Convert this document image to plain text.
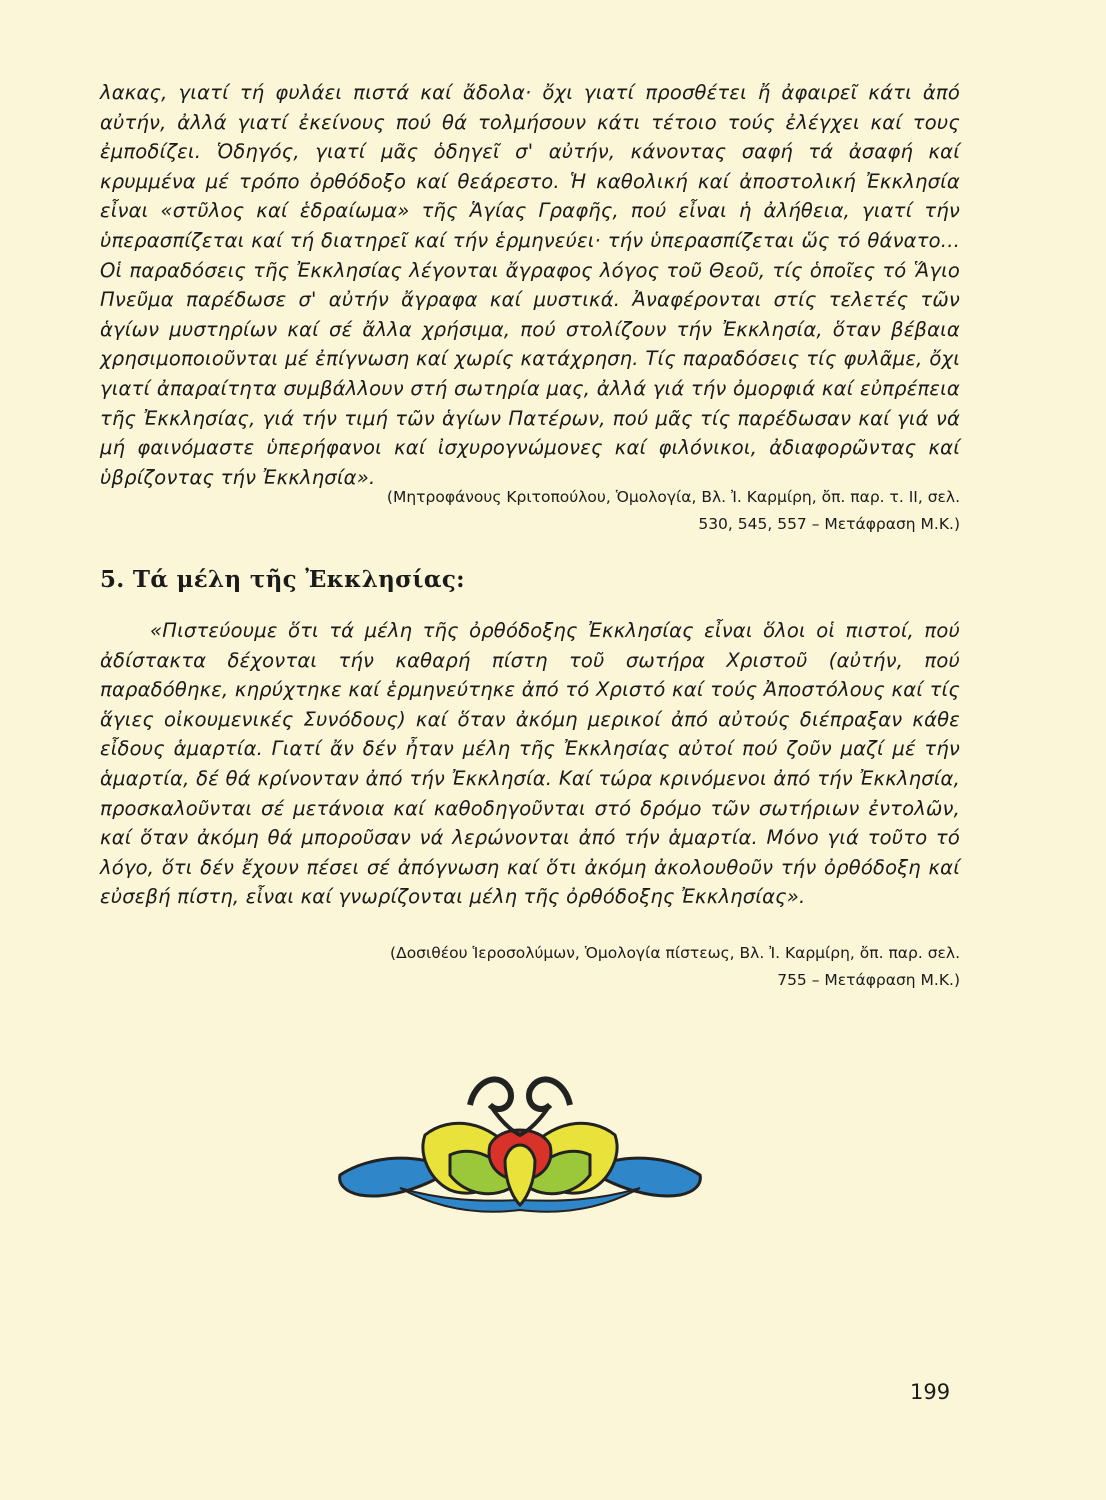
λακας, γιατί τή φυλάει πιστά καί ἄδολα· ὄχι γιατί προσθέτει ἤ ἀφαιρεῖ κάτι ἀπό αὐτήν, ἀλλά γιατί ἐκείνους πού θά τολμήσουν κάτι τέτοιο τούς ἐλέγχει καί τους ἐμποδίζει. Ὁδηγός, γιατί μᾶς ὁδηγεῖ σ' αὐτήν, κάνοντας σαφή τά ἀσαφή καί κρυμμένα μέ τρόπο ὀρθόδοξο καί θεάρεστο. Ἡ καθολική καί ἀποστολική Ἐκκλησία εἶναι «στῦλος καί ἑδραίωμα» τῆς Ἁγίας Γραφῆς, πού εἶναι ἡ ἀλήθεια, γιατί τήν ὑπερασπίζεται καί τή διατηρεῖ καί τήν ἑρμηνεύει· τήν ὑπερασπίζεται ὥς τό θάνατο... Οἱ παραδόσεις τῆς Ἐκκλησίας λέγονται ἄγραφος λόγος τοῦ Θεοῦ, τίς ὁποῖες τό Ἅγιο Πνεῦμα παρέδωσε σ' αὐτήν ἄγραφα καί μυστικά. Ἀναφέρονται στίς τελετές τῶν ἁγίων μυστηρίων καί σέ ἄλλα χρήσιμα, πού στολίζουν τήν Ἐκκλησία, ὅταν βέβαια χρησιμοποιοῦνται μέ ἐπίγνωση καί χωρίς κατάχρηση. Τίς παραδόσεις τίς φυλᾶμε, ὄχι γιατί ἀπαραίτητα συμβάλλουν στή σωτηρία μας, ἀλλά γιά τήν ὀμορφιά καί εὐπρέπεια τῆς Ἐκκλησίας, γιά τήν τιμή τῶν ἁγίων Πατέρων, πού μᾶς τίς παρέδωσαν καί γιά νά μή φαινόμαστε ὑπερήφανοι καί ἰσχυρογνώμονες καί φιλόνικοι, ἀδιαφορῶντας καί ὑβρίζοντας τήν Ἐκκλησία».

(Μητροφάνους Κριτοπούλου, Ὁμολογία, Βλ. Ἰ. Καρμίρη, ὄπ. παρ. τ. ΙΙ, σελ.

530, 545, 557 – Μετάφραση Μ.Κ.)

5. Τά μέλη τῆς Ἐκκλησίας:

«Πιστεύουμε ὅτι τά μέλη τῆς ὀρθόδοξης Ἐκκλησίας εἶναι ὅλοι οἱ πιστοί, πού ἀδίστακτα δέχονται τήν καθαρή πίστη τοῦ σωτήρα Χριστοῦ (αὐτήν, πού παραδόθηκε, κηρύχτηκε καί ἑρμηνεύτηκε ἀπό τό Χριστό καί τούς Ἀποστόλους καί τίς ἅγιες οἰκουμενικές Συνόδους) καί ὅταν ἀκόμη μερικοί ἀπό αὐτούς διέπραξαν κάθε εἶδους ἁμαρτία. Γιατί ἄν δέν ἦταν μέλη τῆς Ἐκκλησίας αὐτοί πού ζοῦν μαζί μέ τήν ἁμαρτία, δέ θά κρίνονταν ἀπό τήν Ἐκκλησία. Καί τώρα κρινόμενοι ἀπό τήν Ἐκκλησία, προσκαλοῦνται σέ μετάνοια καί καθοδηγοῦνται στό δρόμο τῶν σωτήριων ἐντολῶν, καί ὅταν ἀκόμη θά μποροῦσαν νά λερώνονται ἀπό τήν ἁμαρτία. Μόνο γιά τοῦτο τό λόγο, ὅτι δέν ἔχουν πέσει σέ ἀπόγνωση καί ὅτι ἀκόμη ἀκολουθοῦν τήν ὀρθόδοξη καί εὐσεβή πίστη, εἶναι καί γνωρίζονται μέλη τῆς ὀρθόδοξης Ἐκκλησίας».

(Δοσιθέου Ἱεροσολύμων, Ὁμολογία πίστεως, Βλ. Ἰ. Καρμίρη, ὄπ. παρ. σελ.

755 – Μετάφραση Μ.Κ.)

199
